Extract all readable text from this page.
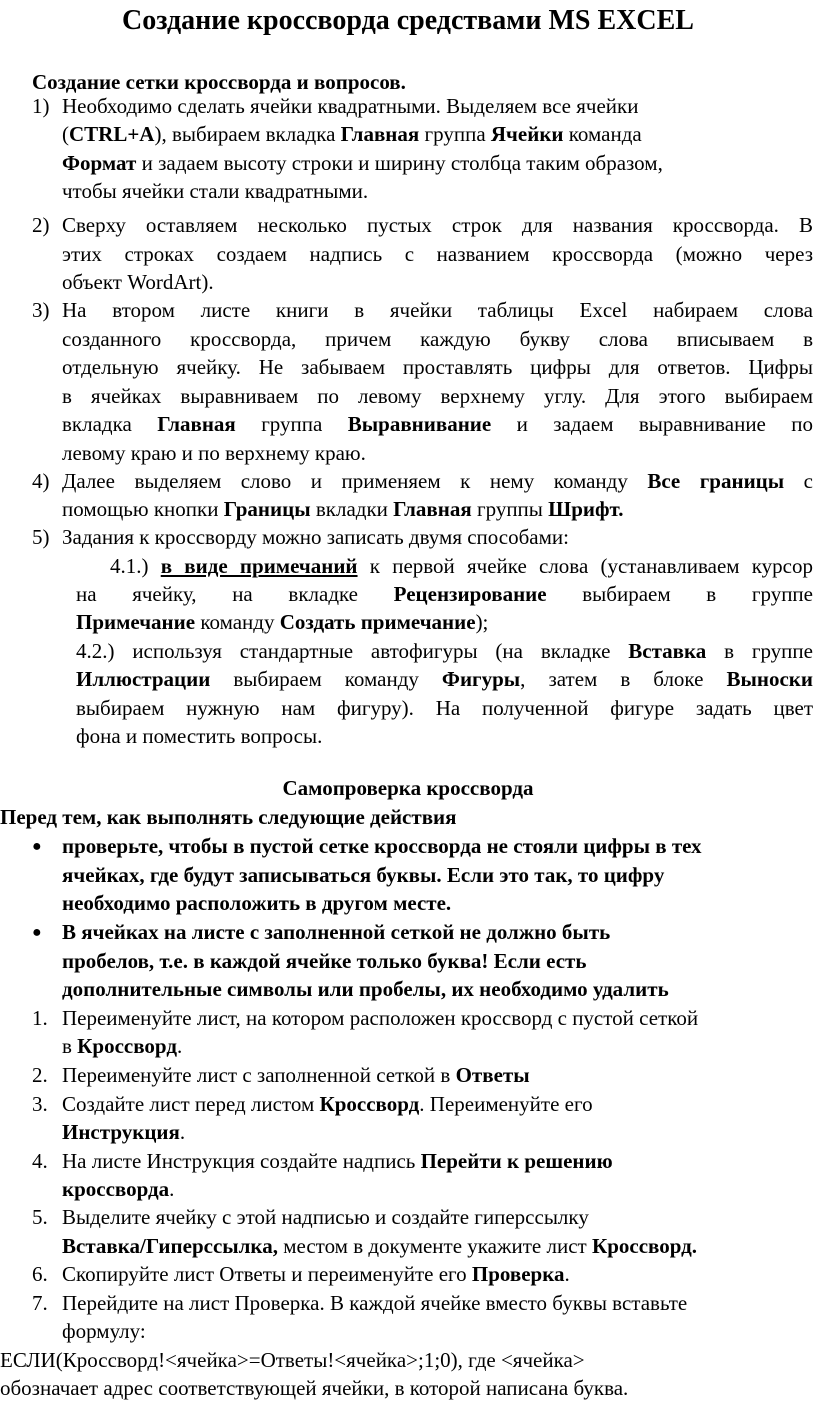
Создание кроссворда средствами MS EXCEL
Создание сетки кроссворда и вопросов.
1) Необходимо сделать ячейки квадратными. Выделяем все ячейки
(CTRL+A), выбираем вкладка Главная группа Ячейки команда
Формат и задаем высоту строки и ширину столбца таким образом,
чтобы ячейки стали квадратными.
2) Сверху оставляем несколько пустых строк для названия кроссворда. В
этих строках создаем надпись с названием кроссворда (можно через
объект WordArt).
3) На втором листе книги в ячейки таблицы Excel набираем слова
созданного кроссворда, причем каждую букву слова вписываем в
отдельную ячейку. Не забываем проставлять цифры для ответов. Цифры
в ячейках выравниваем по левому верхнему углу. Для этого выбираем
вкладка Главная группа Выравнивание и задаем выравнивание по
левому краю и по верхнему краю.
4) Далее выделяем слово и применяем к нему команду Все границы с
помощью кнопки Границы вкладки Главная группы Шрифт.
5) Задания к кроссворду можно записать двумя способами:
4.1.) в виде примечаний к первой ячейке слова (устанавливаем курсор
на ячейку, на вкладке Рецензирование выбираем в группе
Примечание команду Создать примечание);
4.2.) используя стандартные автофигуры (на вкладке Вставка в группе
Иллюстрации выбираем команду Фигуры, затем в блоке Выноски
выбираем нужную нам фигуру). На полученной фигуре задать цвет
фона и поместить вопросы.
Самопроверка кроссворда
Перед тем, как выполнять следующие действия
● проверьте, чтобы в пустой сетке кроссворда не стояли цифры в тех
ячейках, где будут записываться буквы. Если это так, то цифру
необходимо расположить в другом месте.
● В ячейках на листе с заполненной сеткой не должно быть
пробелов, т.е. в каждой ячейке только буква! Если есть
дополнительные символы или пробелы, их необходимо удалить
1. Переименуйте лист, на котором расположен кроссворд с пустой сеткой
в Кроссворд.
2. Переименуйте лист с заполненной сеткой в Ответы
3. Создайте лист перед листом Кроссворд. Переименуйте его
Инструкция.
4. На листе Инструкция создайте надпись Перейти к решению
кроссворда.
5. Выделите ячейку с этой надписью и создайте гиперссылку
Вставка/Гиперссылка, местом в документе укажите лист Кроссворд.
6. Скопируйте лист Ответы и переименуйте его Проверка.
7. Перейдите на лист Проверка. В каждой ячейке вместо буквы вставьте
формулу:
ЕСЛИ(Кроссворд!<ячейка>=Ответы!<ячейка>;1;0), где <ячейка>
обозначает адрес соответствующей ячейки, в которой написана буква.
